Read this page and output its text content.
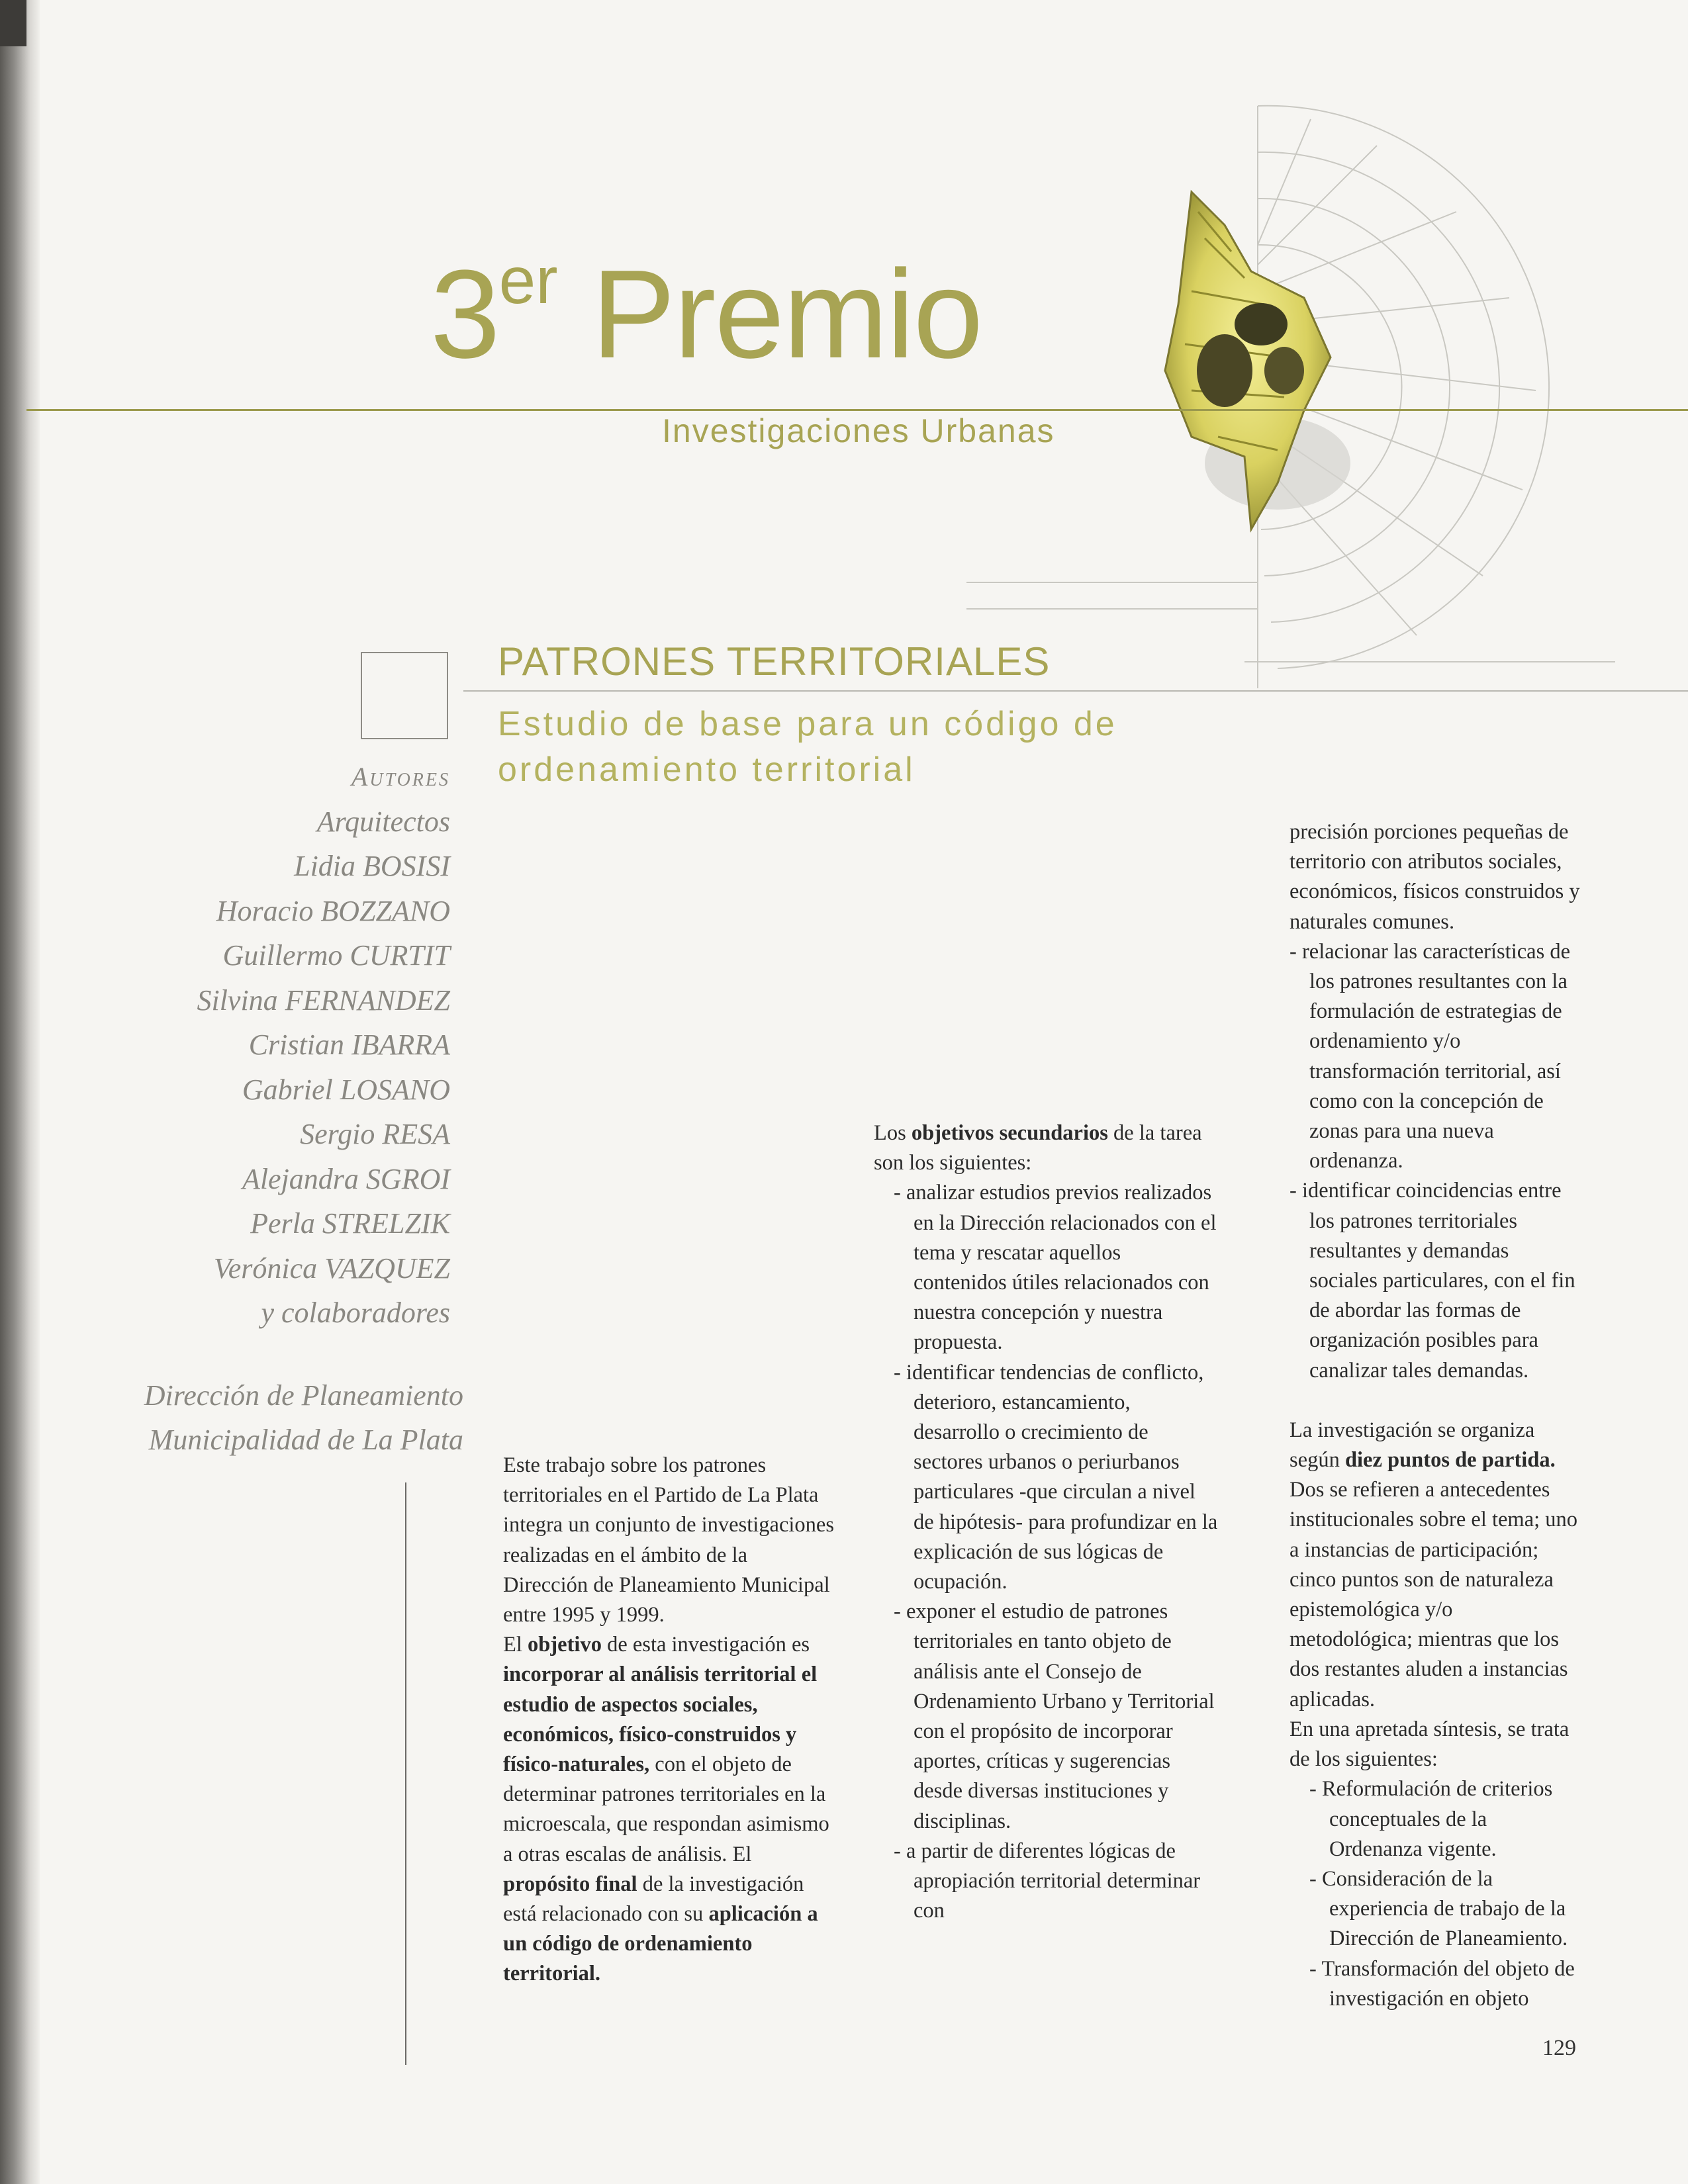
3er Premio
Investigaciones Urbanas
PATRONES TERRITORIALES
Estudio de base para un código de ordenamiento territorial
Autores
Arquitectos
Lidia BOSISI
Horacio BOZZANO
Guillermo CURTIT
Silvina FERNANDEZ
Cristian IBARRA
Gabriel LOSANO
Sergio RESA
Alejandra SGROI
Perla STRELZIK
Verónica VAZQUEZ
y colaboradores
Dirección de Planeamiento
Municipalidad de La Plata

Este trabajo sobre los patrones territoriales en el Partido de La Plata integra un conjunto de investigaciones realizadas en el ámbito de la Dirección de Planeamiento Municipal entre 1995 y 1999.

El objetivo de esta investigación es incorporar al análisis territorial el estudio de aspectos sociales, económicos, físico-construidos y físico-naturales, con el objeto de determinar patrones territoriales en la microescala, que respondan asimismo a otras escalas de análisis. El propósito final de la investigación está relacionado con su aplicación a un código de ordenamiento territorial.

Los objetivos secundarios de la tarea son los siguientes:

- analizar estudios previos realizados en la Dirección relacionados con el tema y rescatar aquellos contenidos útiles relacionados con nuestra concepción y nuestra propuesta.

- identificar tendencias de conflicto, deterioro, estancamiento, desarrollo o crecimiento de sectores urbanos o periurbanos particulares -que circulan a nivel de hipótesis- para profundizar en la explicación de sus lógicas de ocupación.

- exponer el estudio de patrones territoriales en tanto objeto de análisis ante el Consejo de Ordenamiento Urbano y Territorial con el propósito de incorporar aportes, críticas y sugerencias desde diversas instituciones y disciplinas.

- a partir de diferentes lógicas de apropiación territorial determinar con

precisión porciones pequeñas de territorio con atributos sociales, económicos, físicos construidos y naturales comunes.

- relacionar las características de los patrones resultantes con la formulación de estrategias de ordenamiento y/o transformación territorial, así como con la concepción de zonas para una nueva ordenanza.

- identificar coincidencias entre los patrones territoriales resultantes y demandas sociales particulares, con el fin de abordar las formas de organización posibles para canalizar tales demandas.

La investigación se organiza según diez puntos de partida. Dos se refieren a antecedentes institucionales sobre el tema; uno a instancias de participación; cinco puntos son de naturaleza epistemológica y/o metodológica; mientras que los dos restantes aluden a instancias aplicadas.

En una apretada síntesis, se trata de los siguientes:

- Reformulación de criterios conceptuales de la Ordenanza vigente.

- Consideración de la experiencia de trabajo de la Dirección de Planeamiento.

- Transformación del objeto de investigación en objeto

129
